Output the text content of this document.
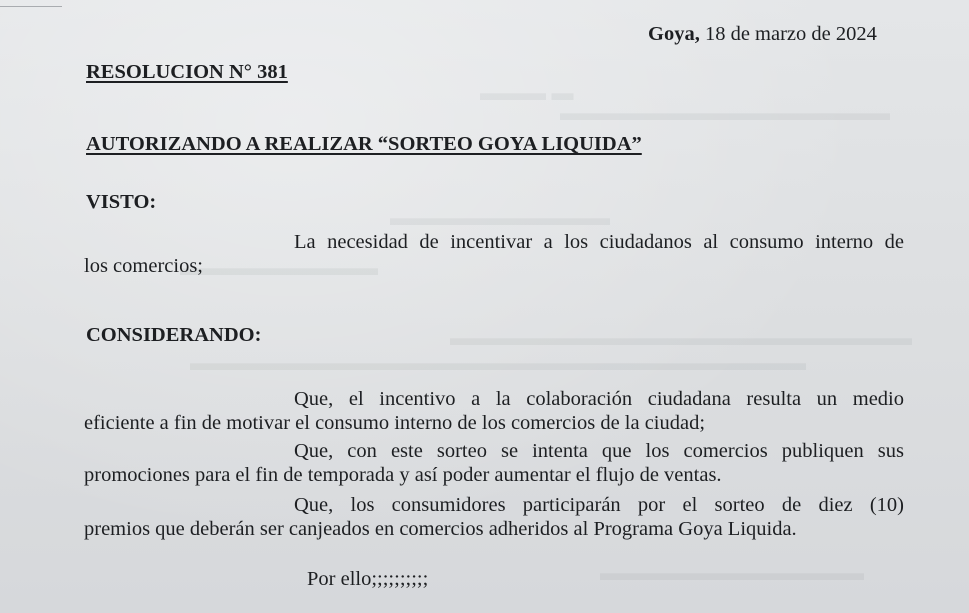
▬▬▬ ▬
▬▬▬▬▬▬▬▬▬▬▬▬▬▬▬
▬▬▬▬▬▬▬▬▬▬
▬▬▬▬▬▬▬▬▬
▬▬▬▬▬▬▬▬▬▬▬▬▬▬▬▬▬▬▬▬▬
▬▬▬▬▬▬▬▬▬▬▬▬▬▬▬▬▬▬▬▬▬▬▬▬▬▬▬▬
▬▬▬▬▬▬▬▬▬▬▬▬
Goya, 18 de marzo de 2024
RESOLUCION N° 381
AUTORIZANDO A REALIZAR “SORTEO GOYA LIQUIDA”
VISTO:
La necesidad de incentivar a los ciudadanos al consumo interno de
los comercios;
CONSIDERANDO:
Que, el incentivo a la colaboración ciudadana resulta un medio
eficiente a fin de motivar el consumo interno de los comercios de la ciudad;
Que, con este sorteo se intenta que los comercios publiquen sus
promociones para el fin de temporada y así poder aumentar el flujo de ventas.
Que, los consumidores participarán por el sorteo de diez (10)
premios que deberán ser canjeados en comercios adheridos al Programa Goya Liquida.
Por ello;;;;;;;;;;
